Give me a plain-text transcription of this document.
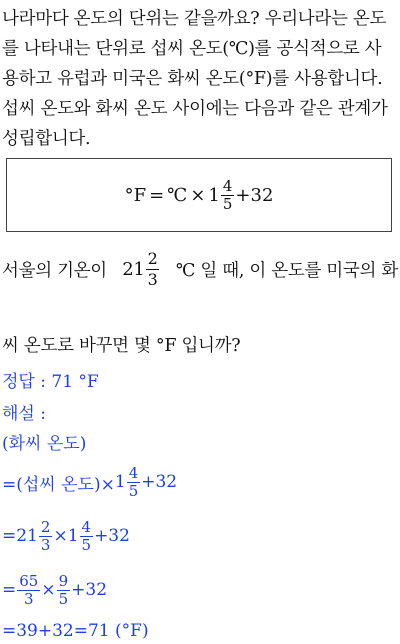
나라마다 온도의 단위는 같을까요? 우리나라는 온도
를 나타내는 단위로 섭씨 온도(℃)를 공식적으로 사
용하고 유럽과 미국은 화씨 온도(°F)를 사용합니다.
섭씨 온도와 화씨 온도 사이에는 다음과 같은 관계가
성립합니다.

°F = ℃ × $1 \frac{4}{5} + 32$
서울의 기온이 $21 \frac{2}{3}$ ℃ 일 때, 이 온도를 미국의 화
씨 온도로 바꾸면 몇 °F 입니까?
정답 : 71 °F
해설 :
(화씨 온도)
=(섭씨 온도)× $1 \frac{4}{5} +32$
= $21 \frac{2}{3} \times 1 \frac{4}{5} +32$
= $\frac{65}{3} \times \frac{9}{5} +32$
=39+32=71 (°F)
